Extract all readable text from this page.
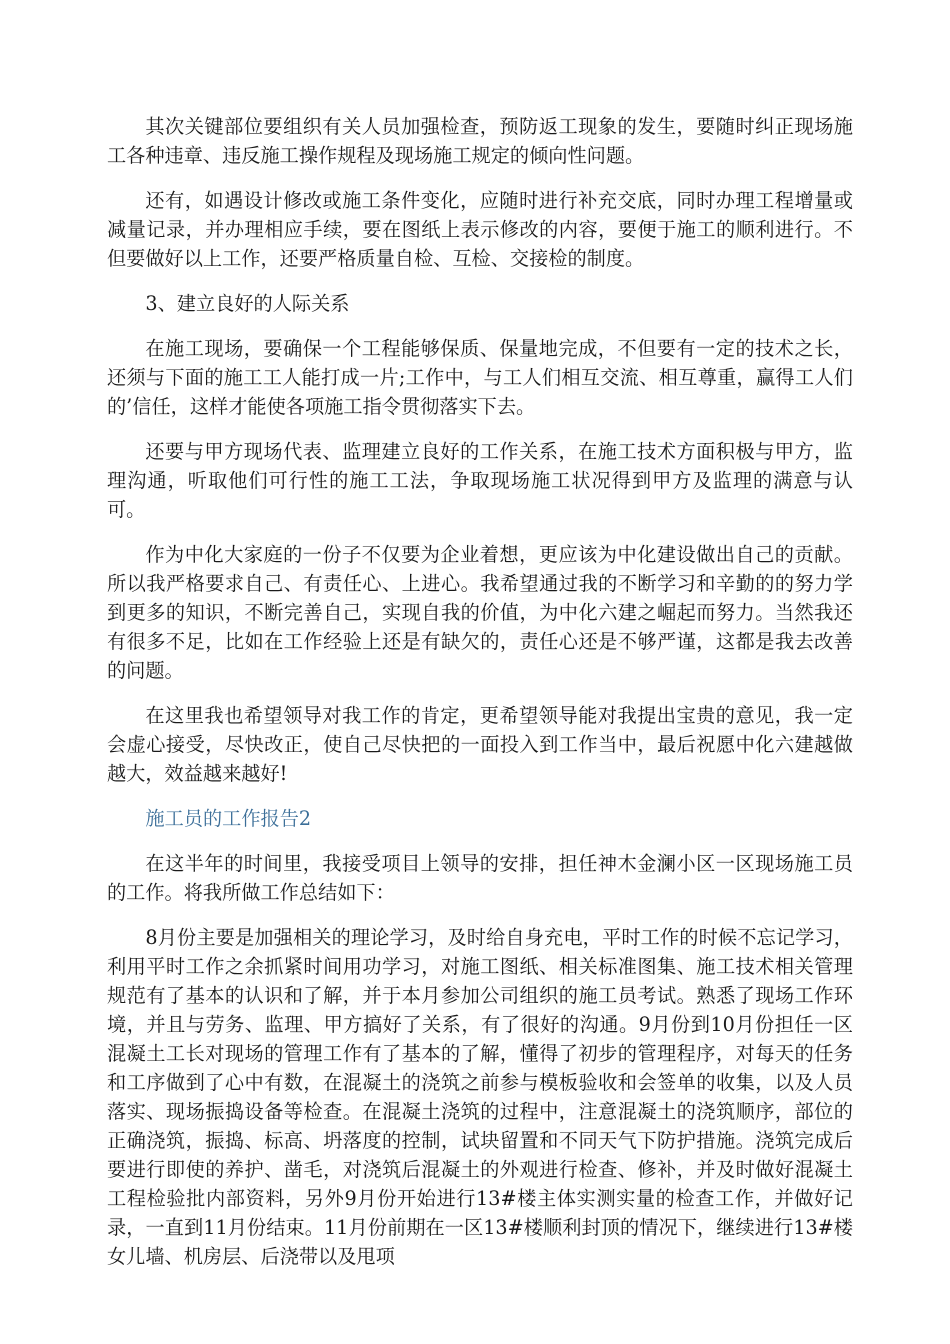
其次关键部位要组织有关人员加强检查，预防返工现象的发生，要随时纠正现场施工各种违章、违反施工操作规程及现场施工规定的倾向性问题。

还有，如遇设计修改或施工条件变化，应随时进行补充交底，同时办理工程增量或减量记录，并办理相应手续，要在图纸上表示修改的内容，要便于施工的顺利进行。不但要做好以上工作，还要严格质量自检、互检、交接检的制度。

3、建立良好的人际关系

在施工现场，要确保一个工程能够保质、保量地完成，不但要有一定的技术之长，还须与下面的施工工人能打成一片;工作中，与工人们相互交流、相互尊重，赢得工人们的’信任，这样才能使各项施工指令贯彻落实下去。

还要与甲方现场代表、监理建立良好的工作关系，在施工技术方面积极与甲方，监理沟通，听取他们可行性的施工工法，争取现场施工状况得到甲方及监理的满意与认可。

作为中化大家庭的一份子不仅要为企业着想，更应该为中化建设做出自己的贡献。所以我严格要求自己、有责任心、上进心。我希望通过我的不断学习和辛勤的的努力学到更多的知识，不断完善自己，实现自我的价值，为中化六建之崛起而努力。当然我还有很多不足，比如在工作经验上还是有缺欠的，责任心还是不够严谨，这都是我去改善的问题。

在这里我也希望领导对我工作的肯定，更希望领导能对我提出宝贵的意见，我一定会虚心接受，尽快改正，使自己尽快把的一面投入到工作当中，最后祝愿中化六建越做越大，效益越来越好!

施工员的工作报告2

在这半年的时间里，我接受项目上领导的安排，担任神木金澜小区一区现场施工员的工作。将我所做工作总结如下：

8月份主要是加强相关的理论学习，及时给自身充电，平时工作的时候不忘记学习，利用平时工作之余抓紧时间用功学习，对施工图纸、相关标准图集、施工技术相关管理规范有了基本的认识和了解，并于本月参加公司组织的施工员考试。熟悉了现场工作环境，并且与劳务、监理、甲方搞好了关系，有了很好的沟通。9月份到10月份担任一区混凝土工长对现场的管理工作有了基本的了解，懂得了初步的管理程序，对每天的任务和工序做到了心中有数，在混凝土的浇筑之前参与模板验收和会签单的收集，以及人员落实、现场振捣设备等检查。在混凝土浇筑的过程中，注意混凝土的浇筑顺序，部位的正确浇筑，振捣、标高、坍落度的控制，试块留置和不同天气下防护措施。浇筑完成后要进行即使的养护、凿毛，对浇筑后混凝土的外观进行检查、修补，并及时做好混凝土工程检验批内部资料，另外9月份开始进行13#楼主体实测实量的检查工作，并做好记录，一直到11月份结束。11月份前期在一区13#楼顺利封顶的情况下，继续进行13#楼女儿墙、机房层、后浇带以及甩项
